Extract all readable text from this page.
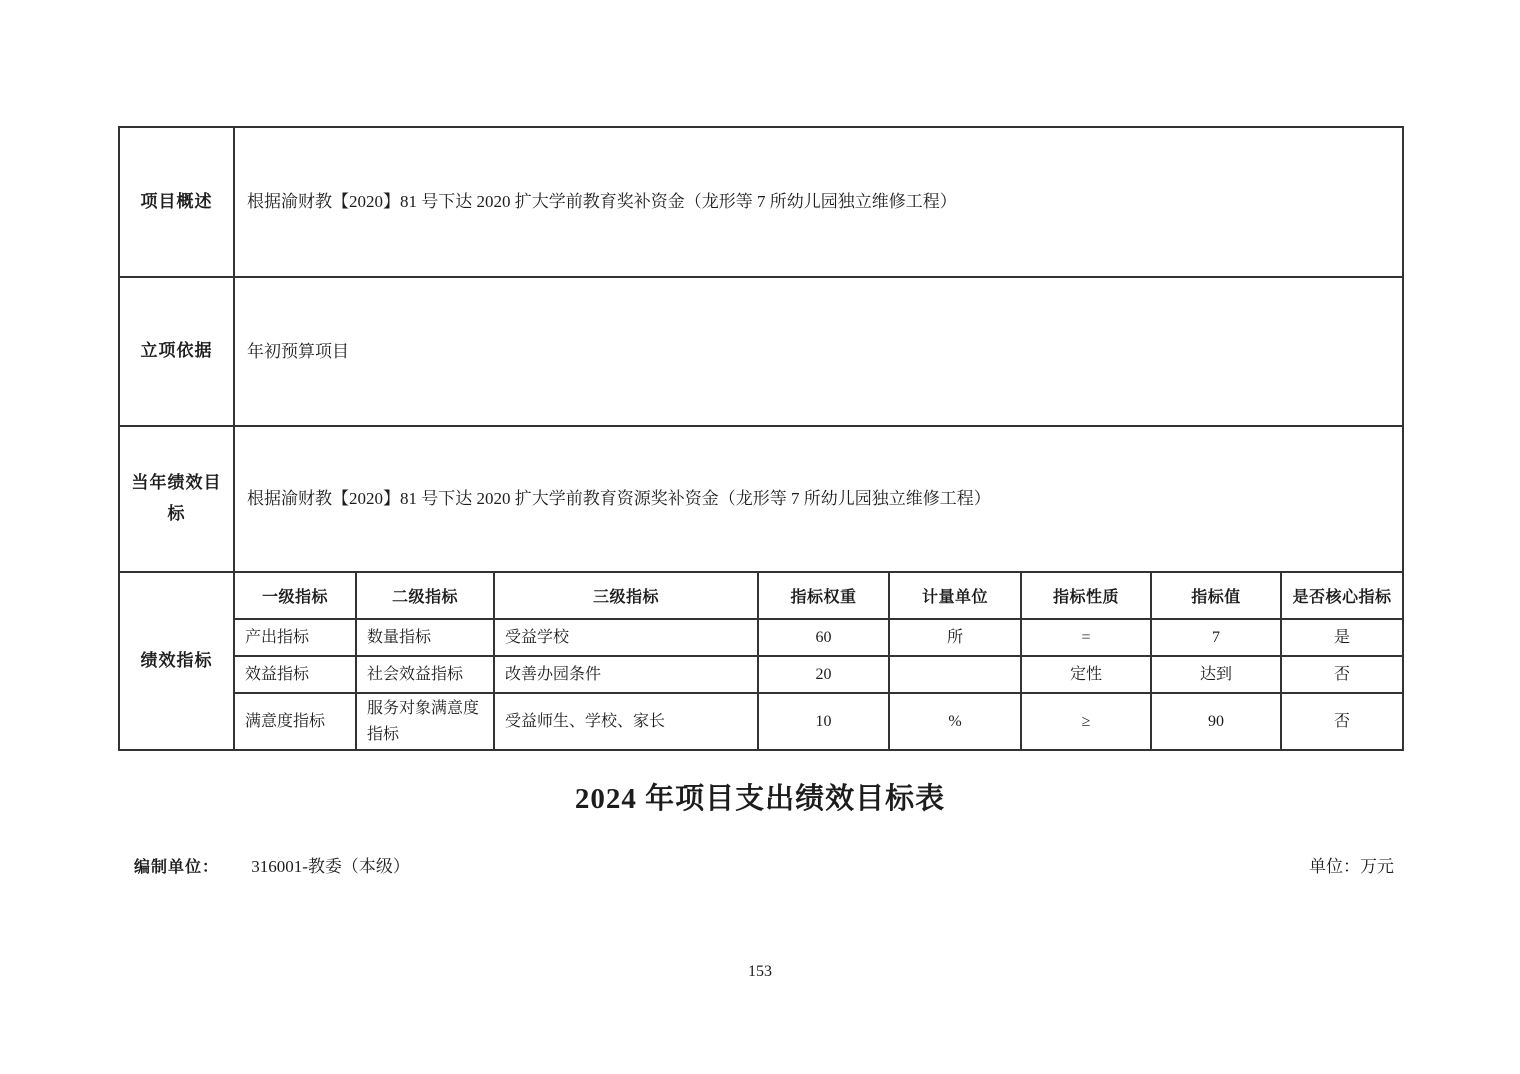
项目概述	根据渝财教【2020】81 号下达 2020 扩大学前教育奖补资金（龙形等 7 所幼儿园独立维修工程）							
立项依据	年初预算项目							
当年绩效目标	根据渝财教【2020】81 号下达 2020 扩大学前教育资源奖补资金（龙形等 7 所幼儿园独立维修工程）							
绩效指标	一级指标	二级指标	三级指标	指标权重	计量单位	指标性质	指标值	是否核心指标
	产出指标	数量指标	受益学校	60	所	=	7	是
	效益指标	社会效益指标	改善办园条件	20		定性	达到	否
	满意度指标	服务对象满意度指标	受益师生、学校、家长	10	%	≥	90	否
2024 年项目支出绩效目标表
编制单位： 316001-教委（本级）	单位：万元
153
